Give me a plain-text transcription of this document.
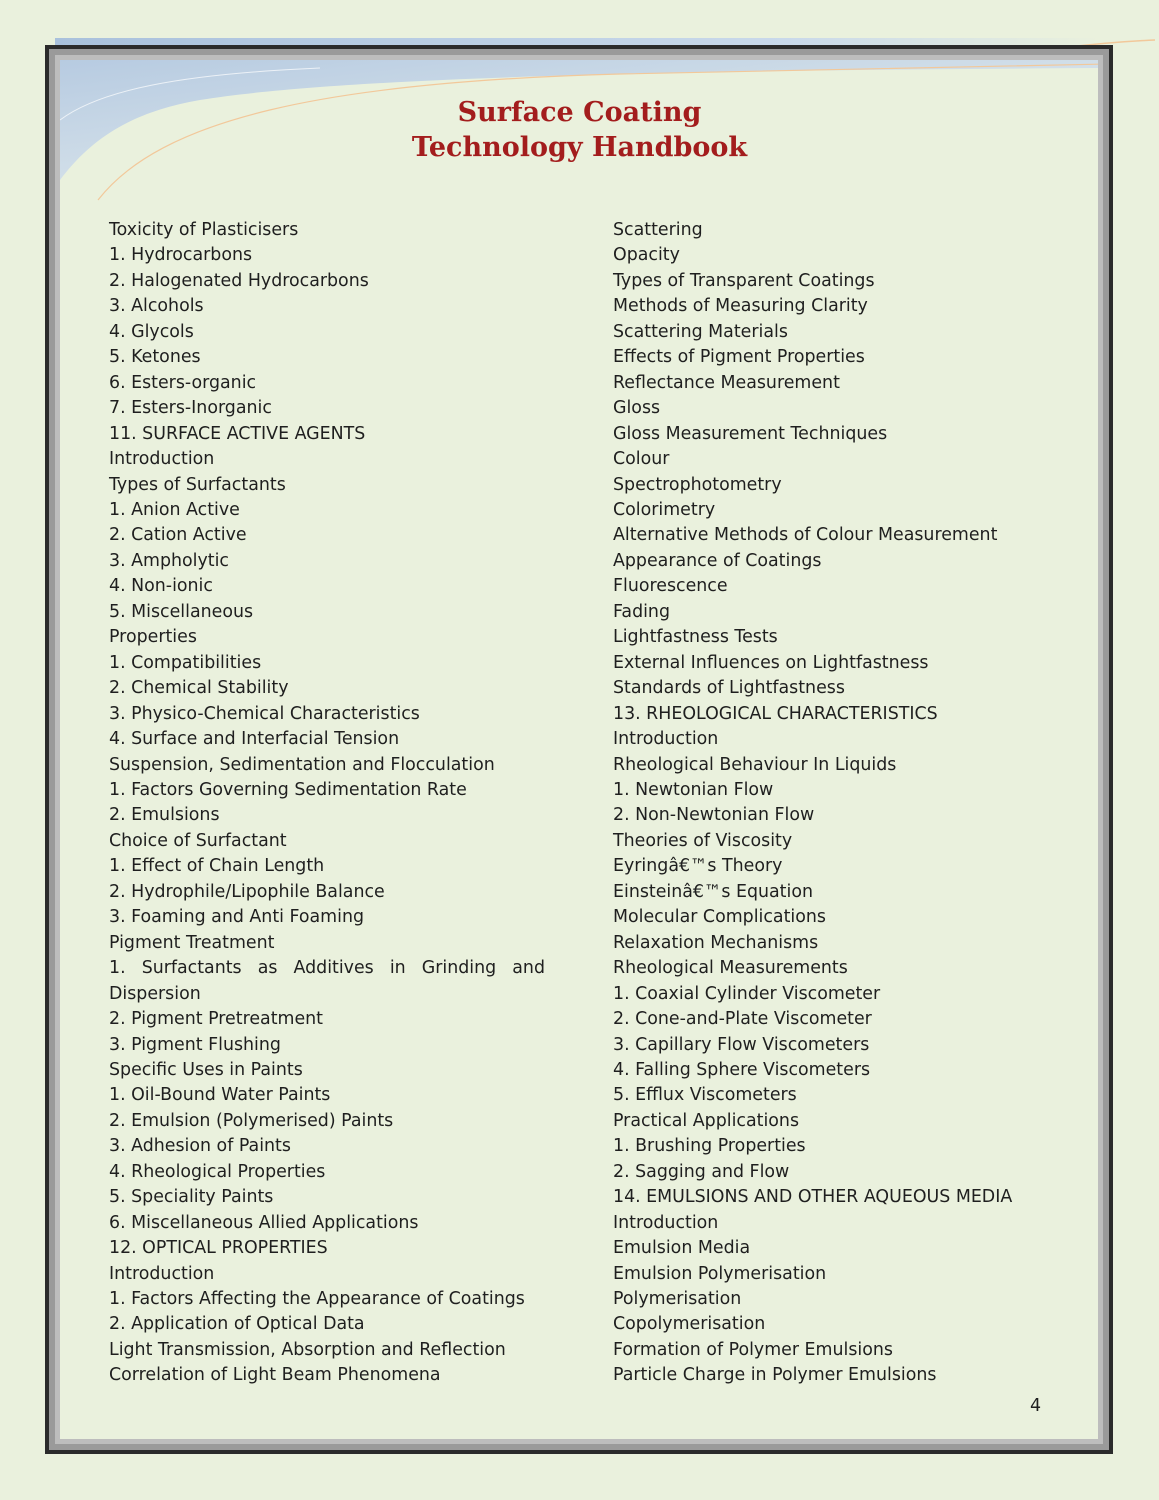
Surface Coating
Technology Handbook
Toxicity of Plasticisers
1. Hydrocarbons
2. Halogenated Hydrocarbons
3. Alcohols
4. Glycols
5. Ketones
6. Esters-organic
7. Esters-Inorganic
11. SURFACE ACTIVE AGENTS
Introduction
Types of Surfactants
1. Anion Active
2. Cation Active
3. Ampholytic
4. Non-ionic
5. Miscellaneous
Properties
1. Compatibilities
2. Chemical Stability
3. Physico-Chemical Characteristics
4. Surface and Interfacial Tension
Suspension, Sedimentation and Flocculation
1. Factors Governing Sedimentation Rate
2. Emulsions
Choice of Surfactant
1. Effect of Chain Length
2. Hydrophile/Lipophile Balance
3. Foaming and Anti Foaming
Pigment Treatment
1. Surfactants as Additives in Grinding and Dispersion
2. Pigment Pretreatment
3. Pigment Flushing
Specific Uses in Paints
1. Oil-Bound Water Paints
2. Emulsion (Polymerised) Paints
3. Adhesion of Paints
4. Rheological Properties
5. Speciality Paints
6. Miscellaneous Allied Applications
12. OPTICAL PROPERTIES
Introduction
1. Factors Affecting the Appearance of Coatings
2. Application of Optical Data
Light Transmission, Absorption and Reflection
Correlation of Light Beam Phenomena
Scattering
Opacity
Types of Transparent Coatings
Methods of Measuring Clarity
Scattering Materials
Effects of Pigment Properties
Reflectance Measurement
Gloss
Gloss Measurement Techniques
Colour
Spectrophotometry
Colorimetry
Alternative Methods of Colour Measurement
Appearance of Coatings
Fluorescence
Fading
Lightfastness Tests
External Influences on Lightfastness
Standards of Lightfastness
13. RHEOLOGICAL CHARACTERISTICS
Introduction
Rheological Behaviour In Liquids
1. Newtonian Flow
2. Non-Newtonian Flow
Theories of Viscosity
Eyringâ€™s Theory
Einsteinâ€™s Equation
Molecular Complications
Relaxation Mechanisms
Rheological Measurements
1. Coaxial Cylinder Viscometer
2. Cone-and-Plate Viscometer
3. Capillary Flow Viscometers
4. Falling Sphere Viscometers
5. Efflux Viscometers
Practical Applications
1. Brushing Properties
2. Sagging and Flow
14. EMULSIONS AND OTHER AQUEOUS MEDIA
Introduction
Emulsion Media
Emulsion Polymerisation
Polymerisation
Copolymerisation
Formation of Polymer Emulsions
Particle Charge in Polymer Emulsions
4
